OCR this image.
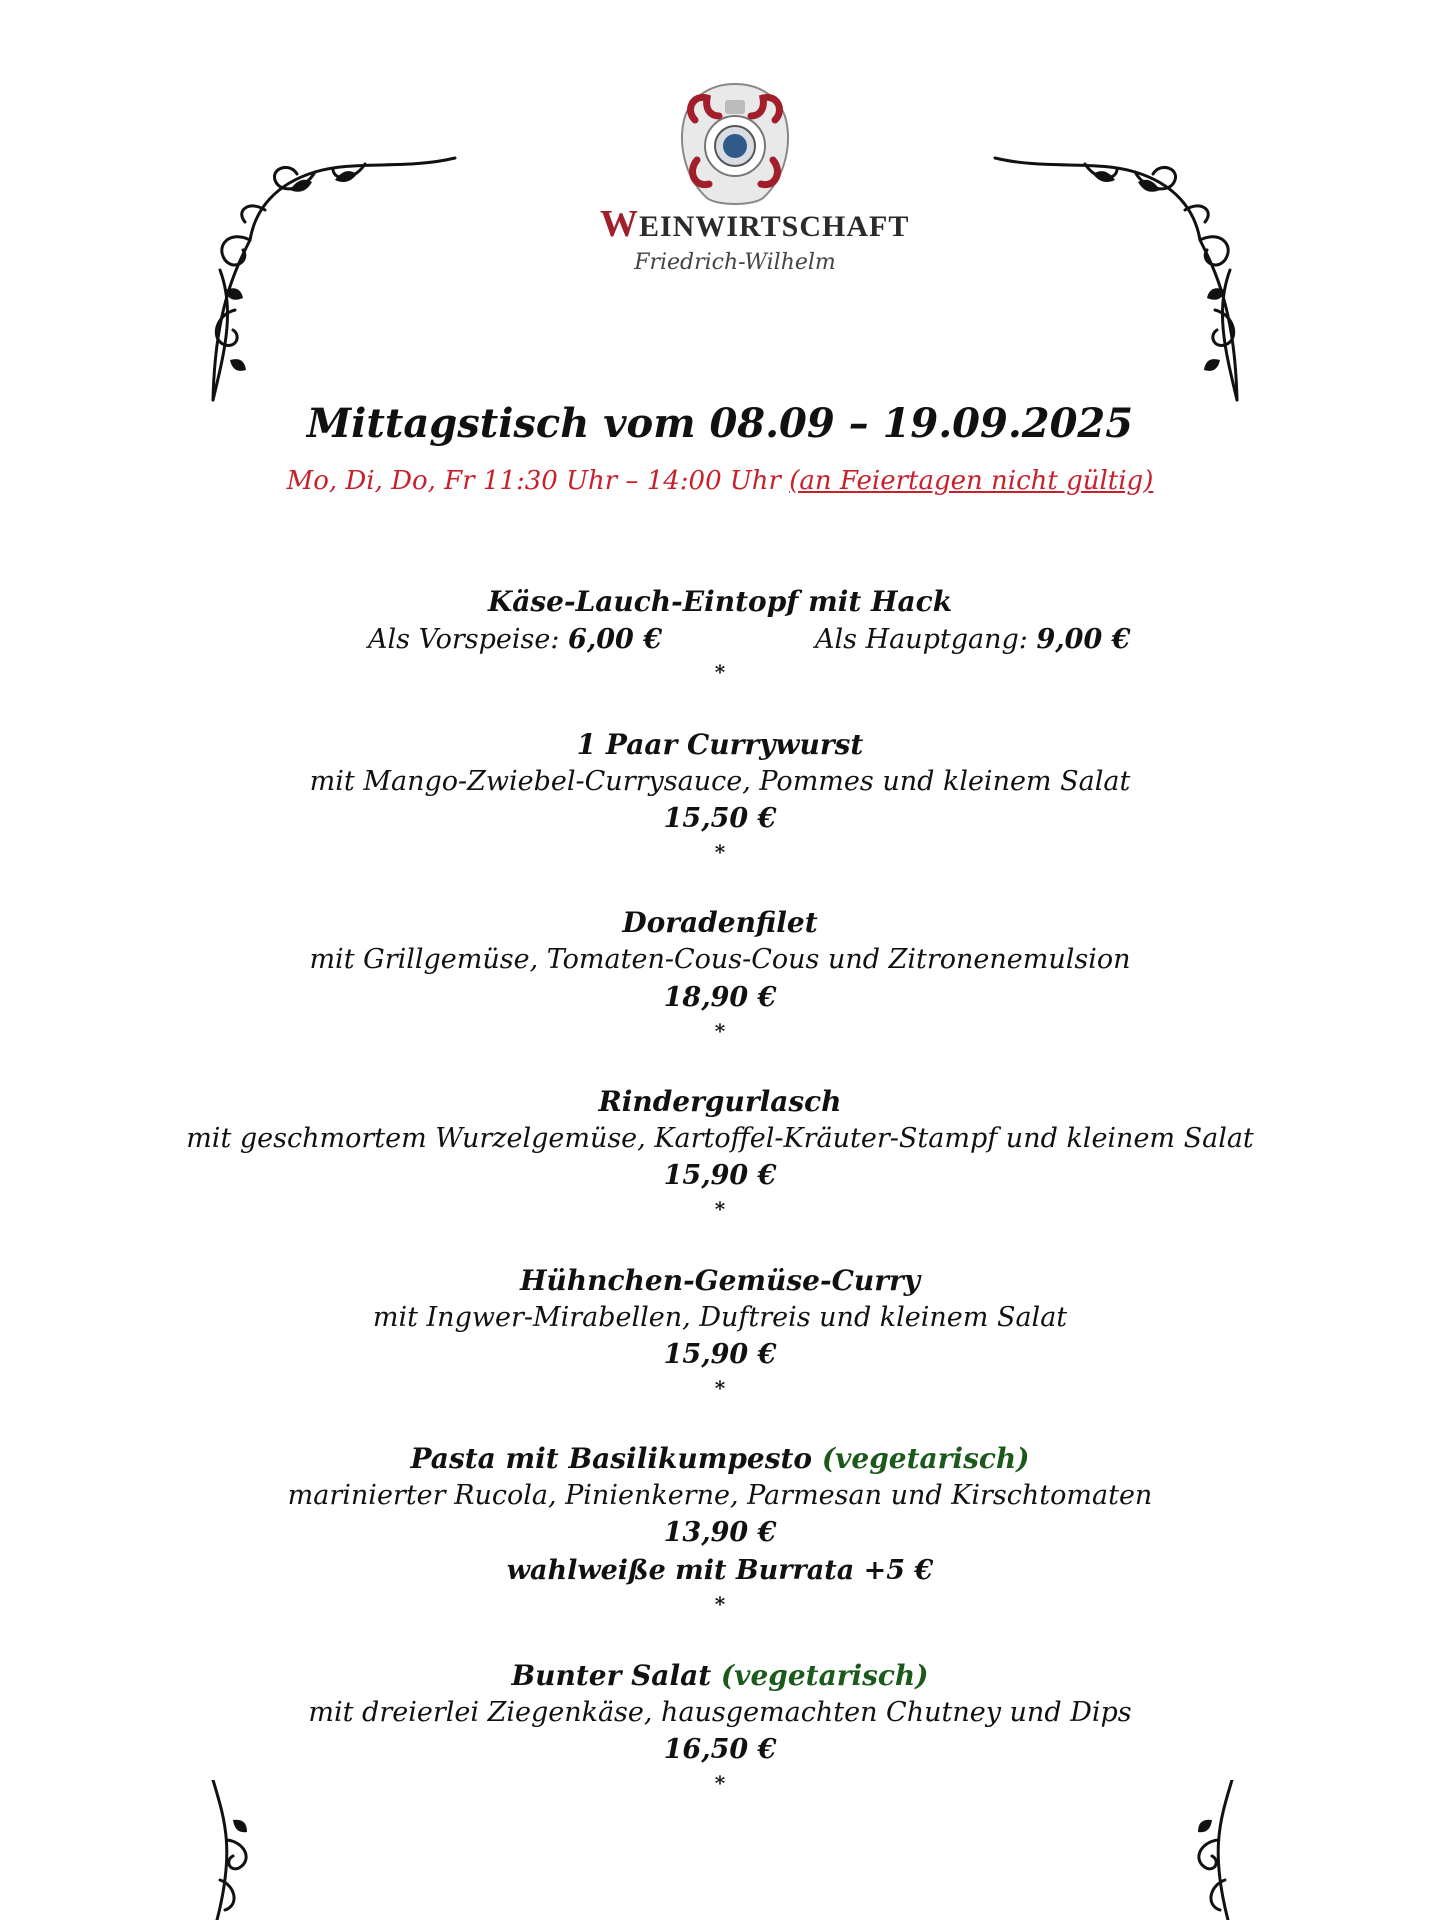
WEINWIRTSCHAFT
Friedrich-Wilhelm
Mittagstisch vom 08.09 – 19.09.2025
Mo, Di, Do, Fr 11:30 Uhr – 14:00 Uhr (an Feiertagen nicht gültig)
Käse-Lauch-Eintopf mit Hack
Als Vorspeise: 6,00 €	Als Hauptgang: 9,00 €
*
1 Paar Currywurst
mit Mango-Zwiebel-Currysauce, Pommes und kleinem Salat
15,50 €
*
Doradenfilet
mit Grillgemüse, Tomaten-Cous-Cous und Zitronenemulsion
18,90 €
*
Rindergurlasch
mit geschmortem Wurzelgemüse, Kartoffel-Kräuter-Stampf und kleinem Salat
15,90 €
*
Hühnchen-Gemüse-Curry
mit Ingwer-Mirabellen, Duftreis und kleinem Salat
15,90 €
*
Pasta mit Basilikumpesto (vegetarisch)
marinierter Rucola, Pinienkerne, Parmesan und Kirschtomaten
13,90 €
wahlweiße mit Burrata +5 €
*
Bunter Salat (vegetarisch)
mit dreierlei Ziegenkäse, hausgemachten Chutney und Dips
16,50 €
*
